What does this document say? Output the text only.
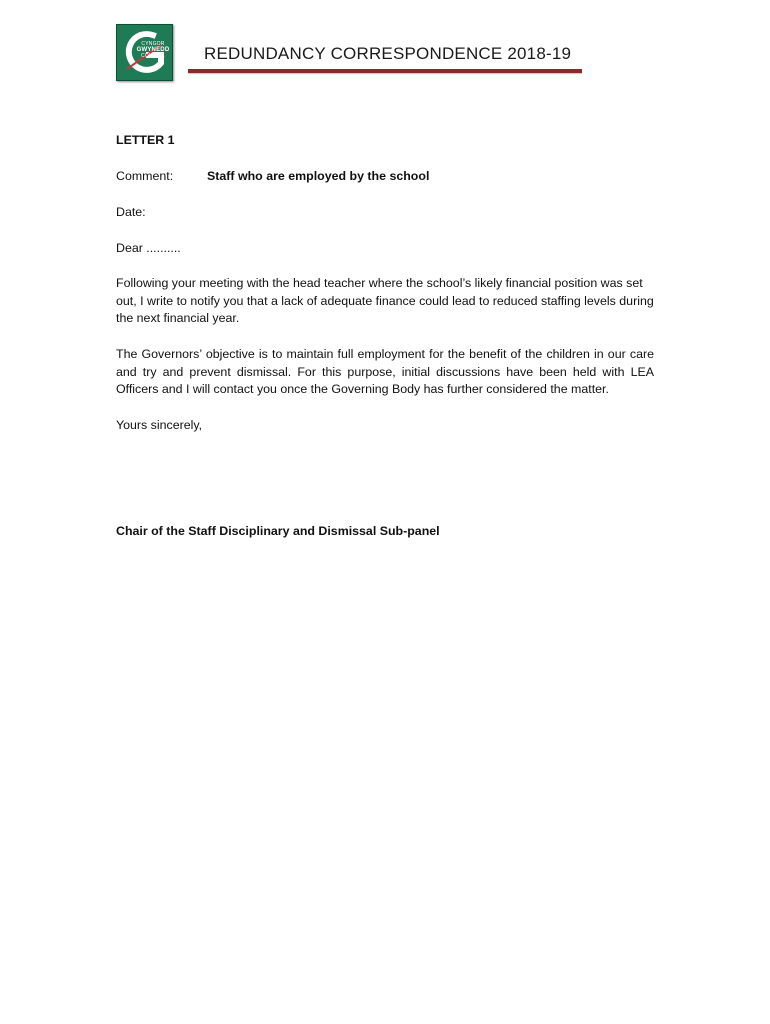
CYNGOR
GWYNEDD
COUNCIL	REDUNDANCY CORRESPONDENCE 2018-19
LETTER 1
Comment:	Staff who are employed by the school
Date:
Dear ..........
Following your meeting with the head teacher where the school’s likely financial position was set out, I write to notify you that a lack of adequate finance could lead to reduced staffing levels during the next financial year.
The Governors’ objective is to maintain full employment for the benefit of the children in our care and try and prevent dismissal. For this purpose, initial discussions have been held with LEA Officers and I will contact you once the Governing Body has further considered the matter.
Yours sincerely,
Chair of the Staff Disciplinary and Dismissal Sub-panel
